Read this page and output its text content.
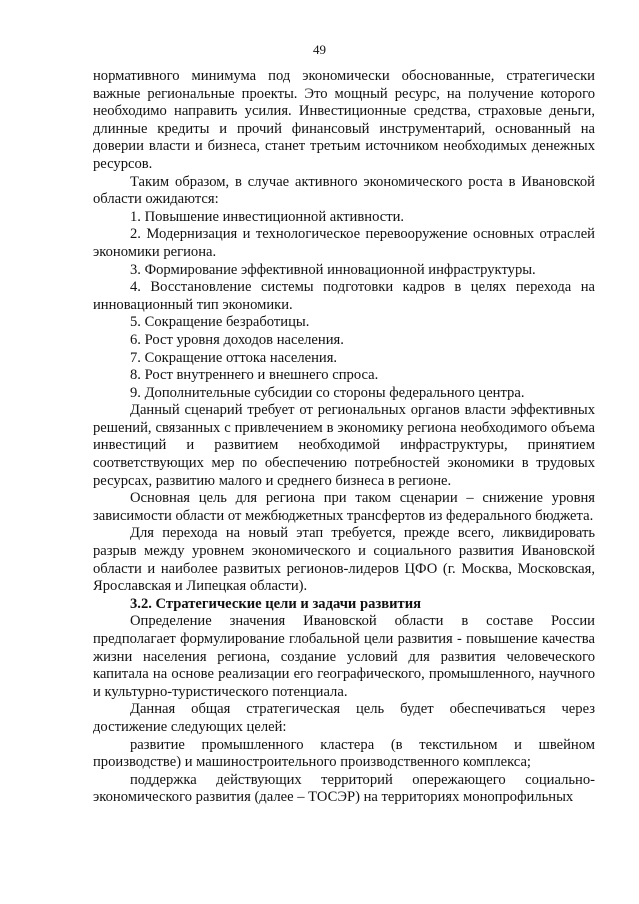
49

нормативного минимума под экономически обоснованные, стратегически важные региональные проекты. Это мощный ресурс, на получение которого необходимо направить усилия. Инвестиционные средства, страховые деньги, длинные кредиты и прочий финансовый инструментарий, основанный на доверии власти и бизнеса, станет третьим источником необходимых денежных ресурсов.

Таким образом, в случае активного экономического роста в Ивановской области ожидаются:

1. Повышение инвестиционной активности.

2. Модернизация и технологическое перевооружение основных отраслей экономики региона.

3. Формирование эффективной инновационной инфраструктуры.

4. Восстановление системы подготовки кадров в целях перехода на инновационный тип экономики.

5. Сокращение безработицы.

6. Рост уровня доходов населения.

7. Сокращение оттока населения.

8. Рост внутреннего и внешнего спроса.

9. Дополнительные субсидии со стороны федерального центра.

Данный сценарий требует от региональных органов власти эффективных решений, связанных с привлечением в экономику региона необходимого объема инвестиций и развитием необходимой инфраструктуры, принятием соответствующих мер по обеспечению потребностей экономики в трудовых ресурсах, развитию малого и среднего бизнеса в регионе.

Основная цель для региона при таком сценарии – снижение уровня зависимости области от межбюджетных трансфертов из федерального бюджета.

Для перехода на новый этап требуется, прежде всего, ликвидировать разрыв между уровнем экономического и социального развития Ивановской области и наиболее развитых регионов-лидеров ЦФО (г. Москва, Московская, Ярославская и Липецкая области).

3.2. Стратегические цели и задачи развития

Определение значения Ивановской области в составе России предполагает формулирование глобальной цели развития - повышение качества жизни населения региона, создание условий для развития человеческого капитала на основе реализации его географического, промышленного, научного и культурно-туристического потенциала.

Данная общая стратегическая цель будет обеспечиваться через достижение следующих целей:

развитие промышленного кластера (в текстильном и швейном производстве) и машиностроительного производственного комплекса;

поддержка действующих территорий опережающего социально-экономического развития (далее – ТОСЭР) на территориях монопрофильных
